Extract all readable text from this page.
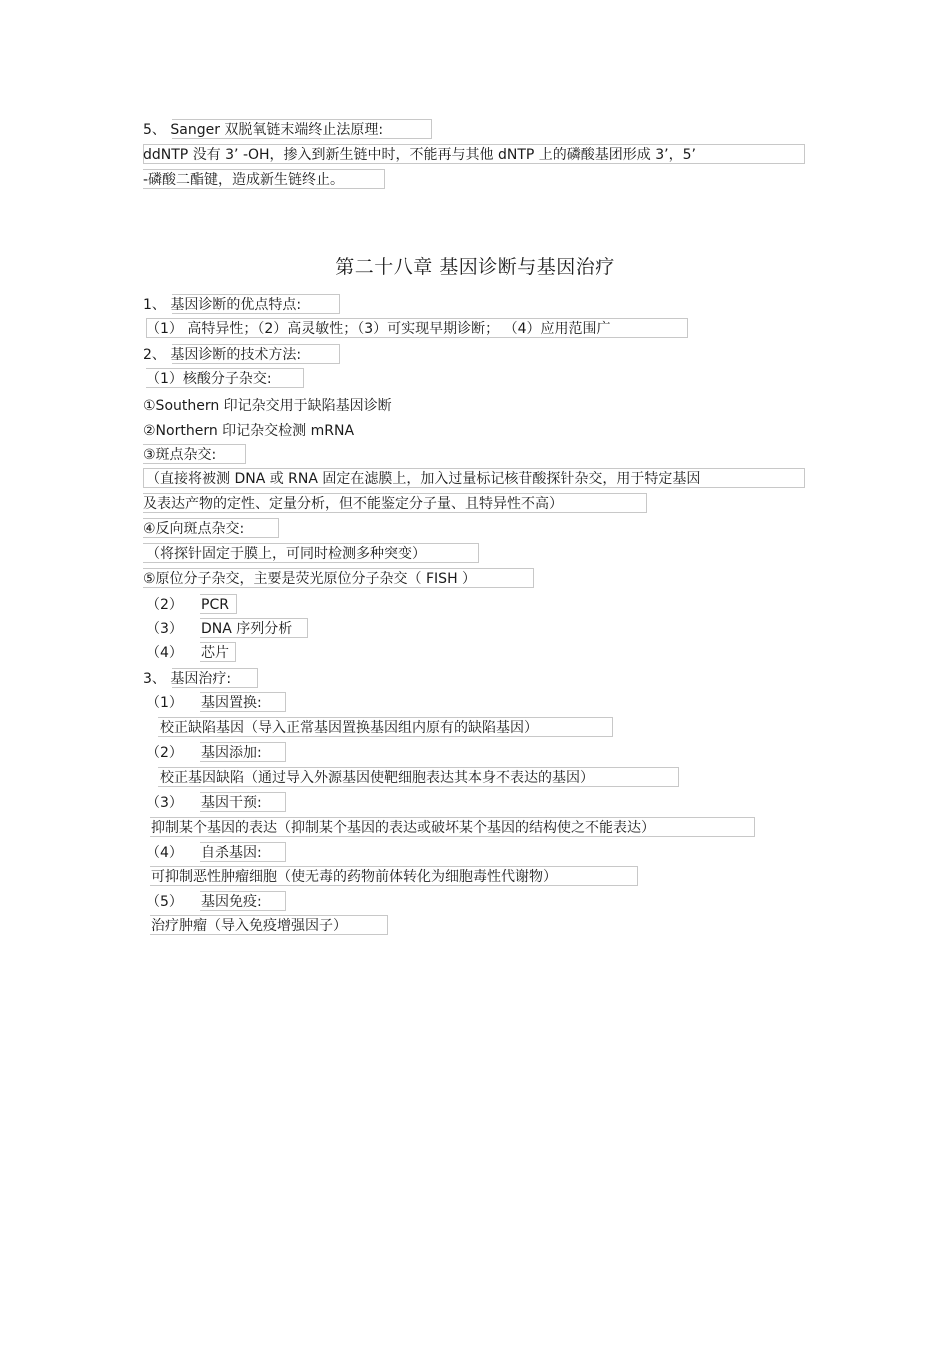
5、 Sanger 双脱氧链末端终止法原理:
ddNTP 没有 3’ -OH，掺入到新生链中时，不能再与其他 dNTP 上的磷酸基团形成 3’，5’
-磷酸二酯键，造成新生链终止。
第二十八章 基因诊断与基因治疗
1、 基因诊断的优点特点:
（1） 高特异性；（2）高灵敏性；（3）可实现早期诊断； （4）应用范围广
2、 基因诊断的技术方法:
（1）核酸分子杂交:
①Southern 印记杂交用于缺陷基因诊断
②Northern 印记杂交检测 mRNA
③斑点杂交:
（直接将被测 DNA 或 RNA 固定在滤膜上，加入过量标记核苷酸探针杂交，用于特定基因
及表达产物的定性、定量分析，但不能鉴定分子量、且特异性不高）
④反向斑点杂交:
（将探针固定于膜上，可同时检测多种突变）
⑤原位分子杂交，主要是荧光原位分子杂交（ FISH ）
（2） PCR
（3） DNA 序列分析
（4） 芯片
3、 基因治疗:
（1） 基因置换:
校正缺陷基因（导入正常基因置换基因组内原有的缺陷基因）
（2） 基因添加:
校正基因缺陷（通过导入外源基因使靶细胞表达其本身不表达的基因）
（3） 基因干预:
抑制某个基因的表达（抑制某个基因的表达或破坏某个基因的结构使之不能表达）
（4） 自杀基因:
可抑制恶性肿瘤细胞（使无毒的药物前体转化为细胞毒性代谢物）
（5） 基因免疫:
治疗肿瘤（导入免疫增强因子）
